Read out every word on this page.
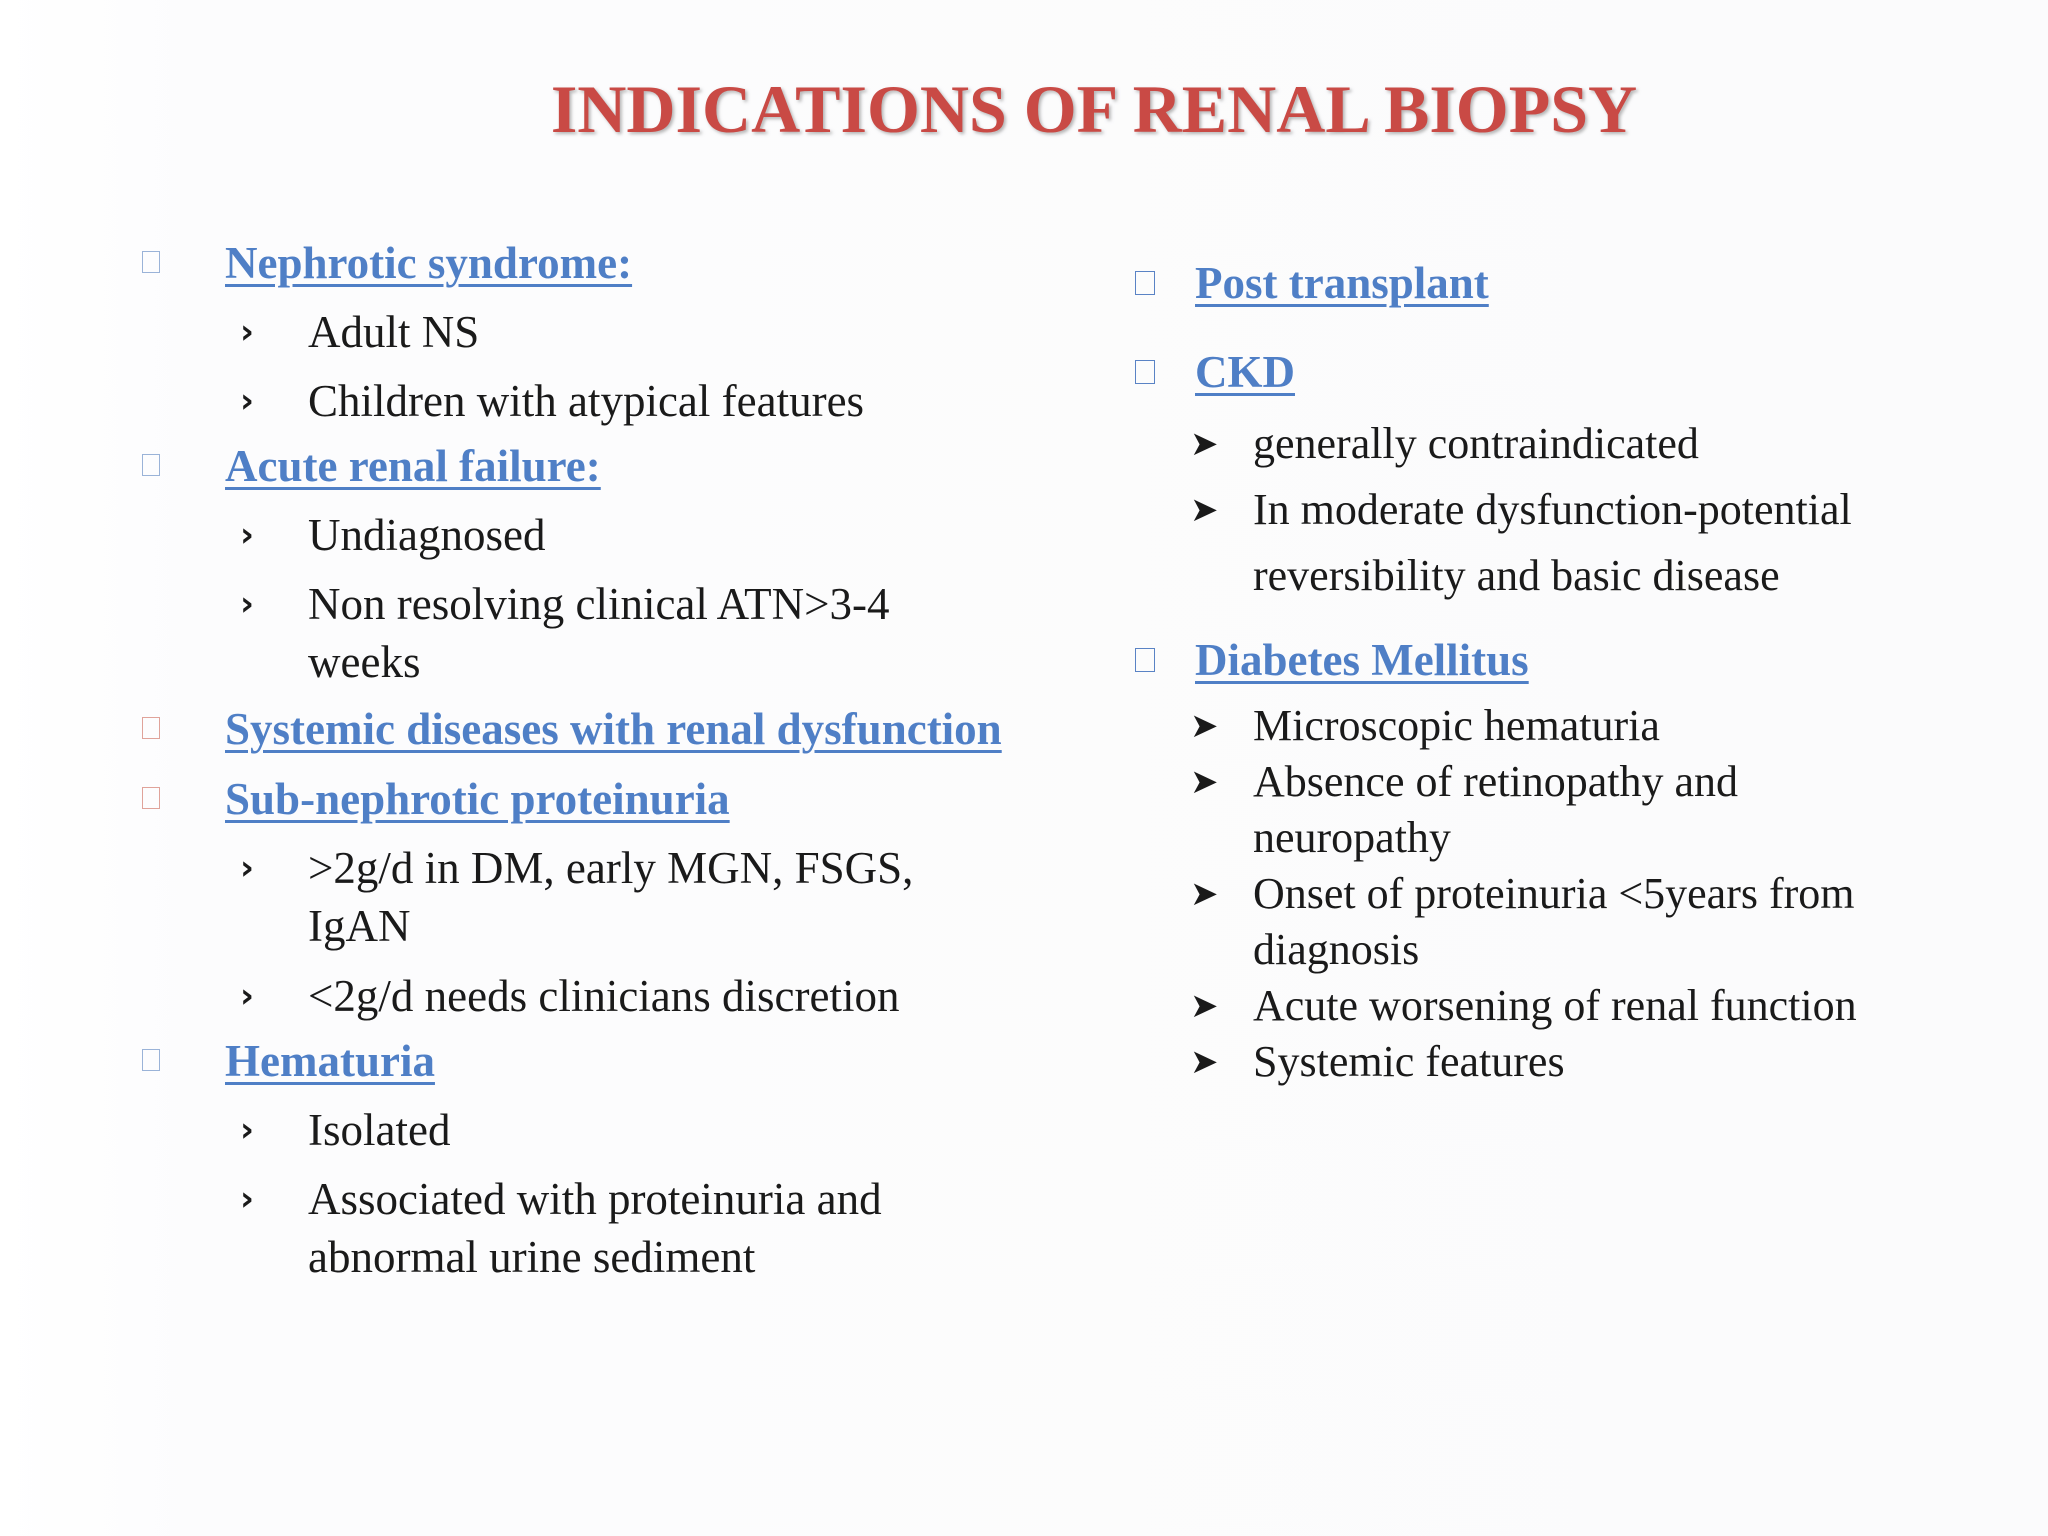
INDICATIONS OF RENAL BIOPSY
Nephrotic syndrome:
› Adult NS
› Children with atypical features
Acute renal failure:
› Undiagnosed
› Non resolving clinical ATN>3-4
weeks
Systemic diseases with renal dysfunction
Sub-nephrotic proteinuria
› >2g/d in DM, early MGN, FSGS,
IgAN
› <2g/d needs clinicians discretion
Hematuria
› Isolated
› Associated with proteinuria and
abnormal urine sediment
Post transplant
CKD
➤ generally contraindicated
➤ In moderate dysfunction-potential
reversibility and basic disease
Diabetes Mellitus
➤ Microscopic hematuria
➤ Absence of retinopathy and
neuropathy
➤ Onset of proteinuria <5years from
diagnosis
➤ Acute worsening of renal function
➤ Systemic features
